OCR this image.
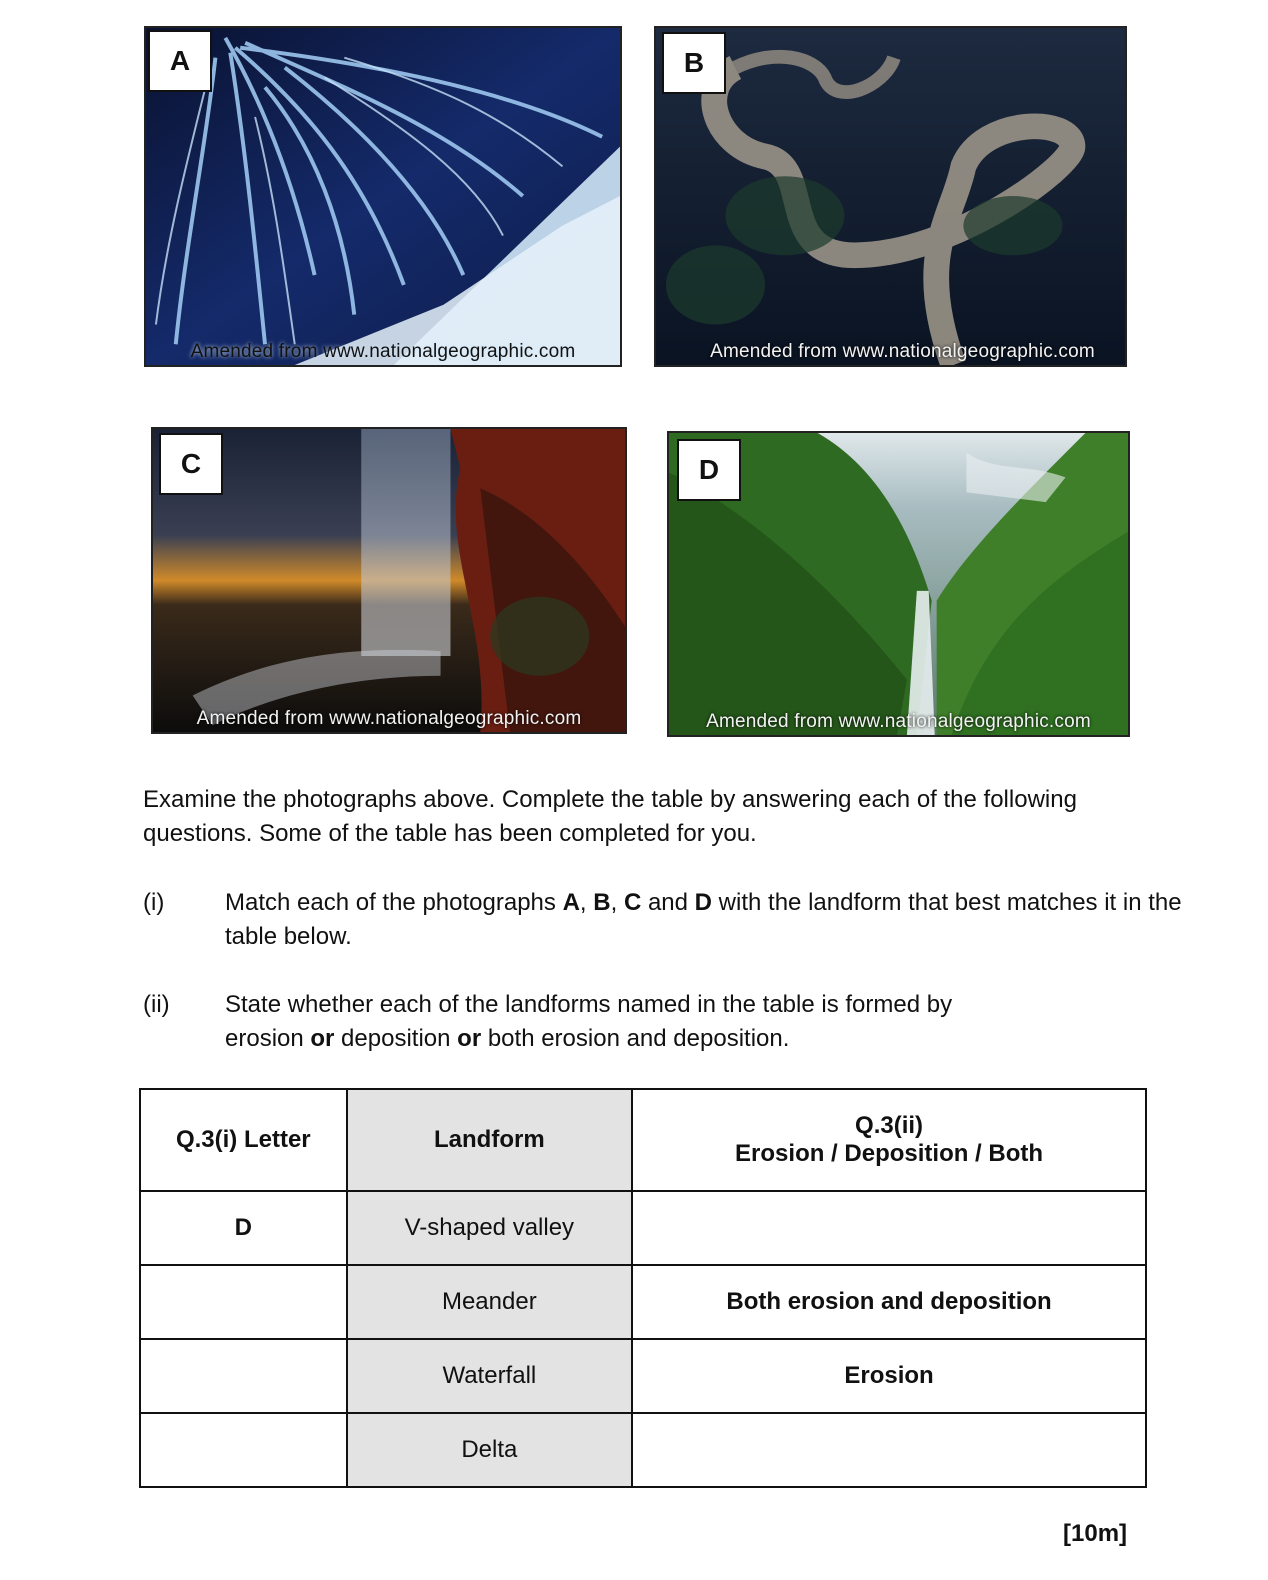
A
Amended from www.nationalgeographic.com
B
Amended from www.nationalgeographic.com
C
Amended from www.nationalgeographic.com
D
Amended from www.nationalgeographic.com
Examine the photographs above. Complete the table by answering each of the following questions. Some of the table has been completed for you.
(i)	Match each of the photographs A, B, C and D with the landform that best matches it in the table below.
(ii) State whether each of the landforms named in the table is formed by erosion or deposition or both erosion and deposition.
Q.3(i) Letter	Landform	Q.3(ii)
Erosion / Deposition / Both

D	V-shaped valley	
	Meander	Both erosion and deposition
	Waterfall	Erosion
	Delta	
[10m]
